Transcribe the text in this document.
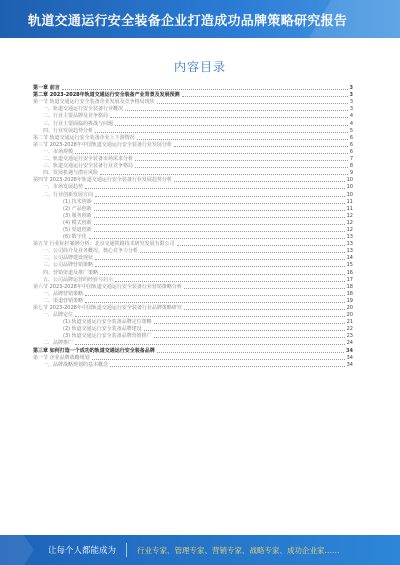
轨道交通运行安全装备企业打造成功品牌策略研究报告
内容目录
第一章 前言	3
第二章 2023-2028年轨道交通运行安全装备产业背景及发展预测	3
第一节 轨道交通运行安全装备企业发展及竞争格局现状	3
一、轨道交通运行安全装备行业概况	3
二、行业主要品牌及竞争格局	4
三、行业主要面临的挑战与问题	4
四、行业发展趋势分析	5
第二节 轨道交通运行安全装备企业上下游情况	6
第三节 2023-2028年中国轨道交通运行安全装备行业发展分析	6
一、市场规模	6
二、轨道交通运行安全装备市场需求分析	7
三、轨道交通运行安全装备行业竞争格局	8
四、发展机遇与潜在风险	9
第四节 2023-2028年轨道交通运行安全装备行业发展趋势分析	10
一、市场发展趋势	10
二、行业创新发展方向	10
(1) 技术创新	11
(2) 产品创新	11
(3) 服务创新	12
(4) 模式创新	12
(5) 渠道创新	12
(6) 数字化	13
第五节 行业标杆案例分析：北京交通铁路技术研究发展有限公司	13
一、公司简介及业务概况、核心竞争力分析	13
二、公司品牌建设现状	14
三、公司品牌营销策略	15
四、营销渠道及推广策略	16
五、公司品牌运营的经验与启示	17
第六节 2023-2028年中国轨道交通运行安全装备行业营销策略分析	18
一、品牌营销策略	18
二、渠道营销策略	19
第七节 2023-2028年中国轨道交通运行安全装备行业品牌策略研究	20
一、品牌定位	20
(1) 轨道交通运行安全装备品牌定位策略	21
(2) 轨道交通运行安全装备品牌建设	22
(3) 轨道交通运行安全装备品牌营销推广	23
二、品牌推广	24
第三章 如何打造一个成功的轨道交通运行安全装备品牌	34
第一节 企业品牌战略规划	34
一、品牌战略规划的基本概念	34
让每个人都能成为	行业专家、管理专家、营销专家、战略专家、成功企业家……
